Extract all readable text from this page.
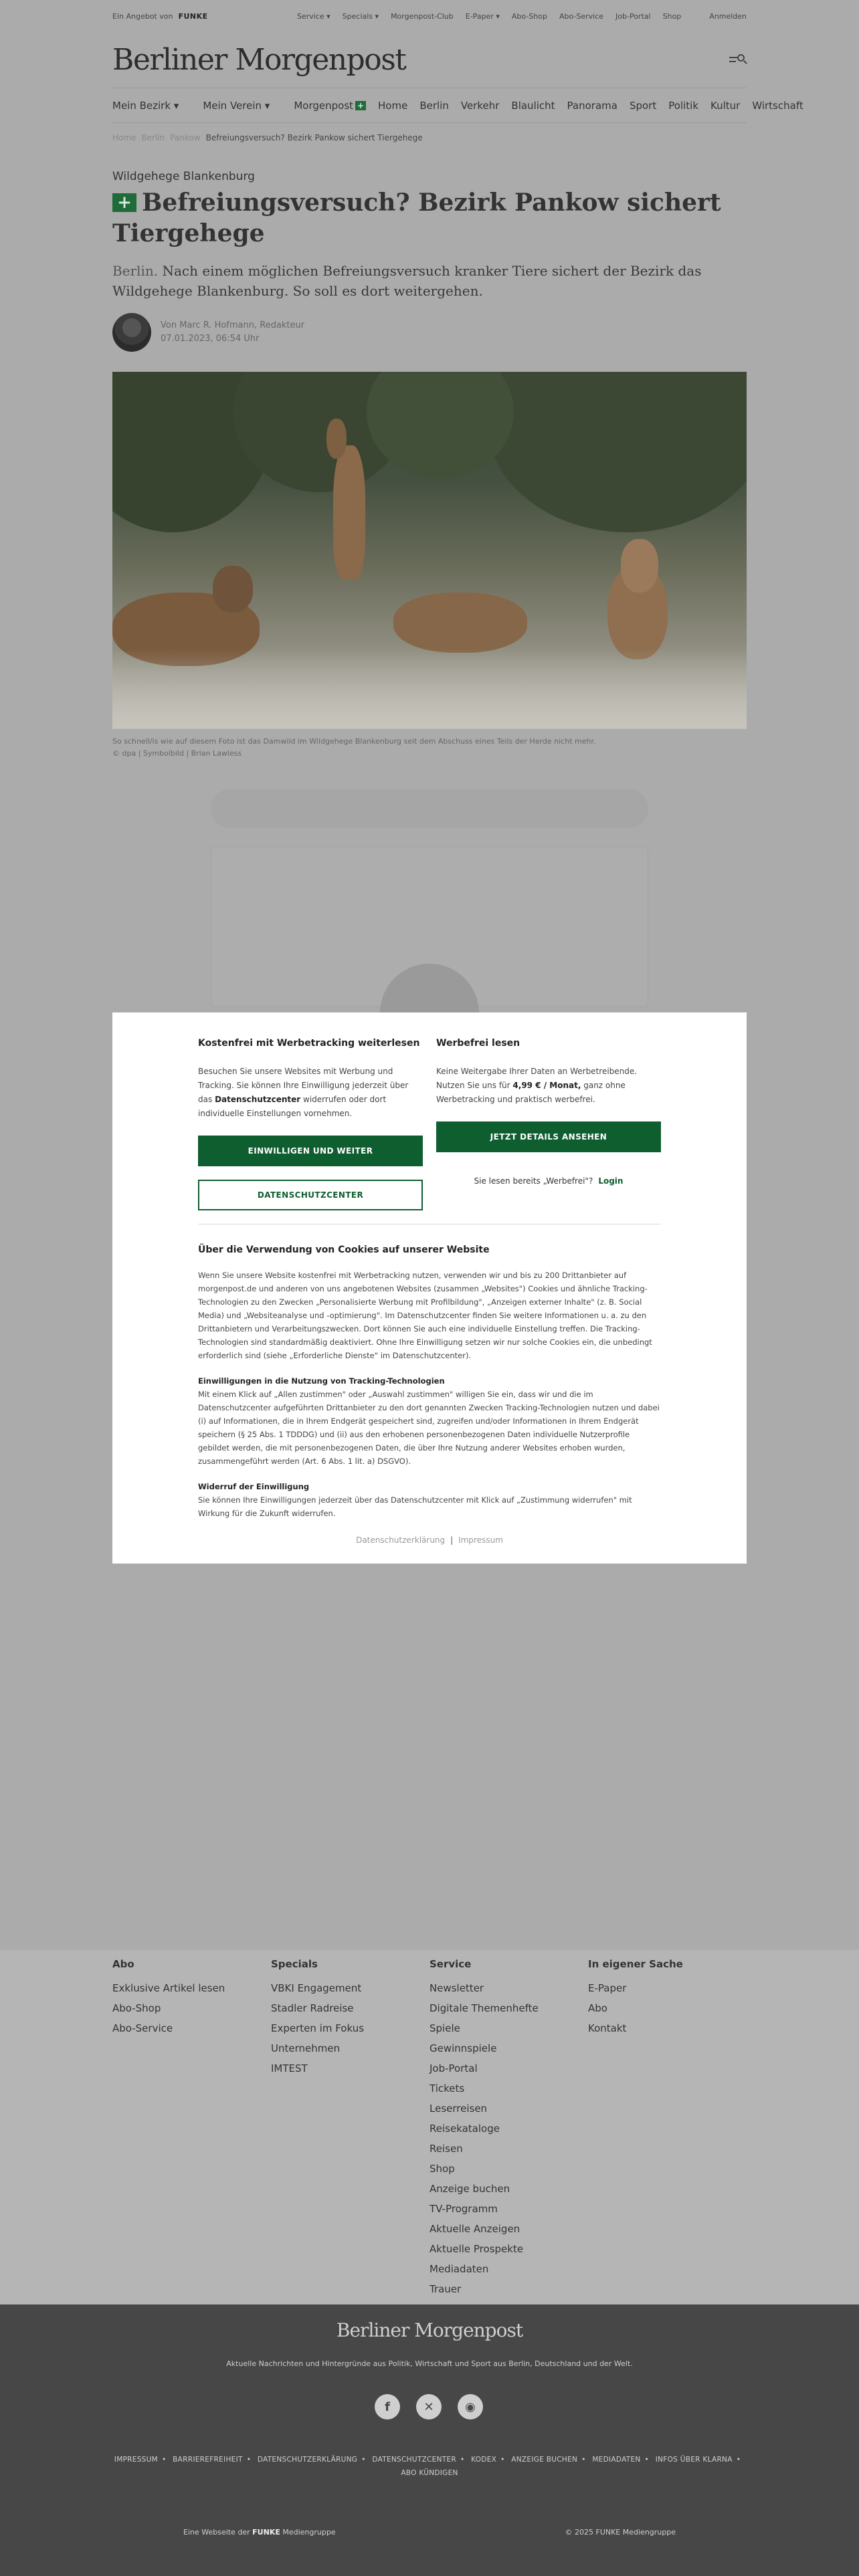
Ein Angebot von FUNKE	Service ▾ Specials ▾ Morgenpost-Club E-Paper ▾ Abo-Shop Abo-Service Job-Portal Shop	Anmelden
Berliner Morgenpost
Mein Bezirk ▾ Mein Verein ▾ Morgenpost + Home Berlin Verkehr Blaulicht Panorama Sport Politik Kultur Wirtschaft Le
Home Berlin Pankow Befreiungsversuch? Bezirk Pankow sichert Tiergehege
Wildgehege Blankenburg
+ Befreiungsversuch? Bezirk Pankow sichert Tiergehege

Berlin. Nach einem möglichen Befreiungsversuch kranker Tiere sichert der Bezirk das Wildgehege Blankenburg. So soll es dort weitergehen.

Von Marc R. Hofmann, Redakteur
07.01.2023, 06:54 Uhr
So schnell/is wie auf diesem Foto ist das Damwild im Wildgehege Blankenburg seit dem Abschuss eines Teils der Herde nicht mehr.
© dpa | Symbolbild | Brian Lawless
Kostenfrei mit Werbetracking weiterlesen

Besuchen Sie unsere Websites mit Werbung und Tracking. Sie können Ihre Einwilligung jederzeit über das Datenschutzcenter widerrufen oder dort individuelle Einstellungen vornehmen.

EINWILLIGEN UND WEITER
DATENSCHUTZCENTER
Werbefrei lesen

Keine Weitergabe Ihrer Daten an Werbetreibende. Nutzen Sie uns für 4,99 € / Monat, ganz ohne Werbetracking und praktisch werbefrei.

JETZT DETAILS ANSEHEN
Sie lesen bereits „Werbefrei"? Login
Über die Verwendung von Cookies auf unserer Website
Wenn Sie unsere Website kostenfrei mit Werbetracking nutzen, verwenden wir und bis zu 200 Drittanbieter auf morgenpost.de und anderen von uns angebotenen Websites (zusammen „Websites") Cookies und ähnliche Tracking-Technologien zu den Zwecken „Personalisierte Werbung mit Profilbildung", „Anzeigen externer Inhalte" (z. B. Social Media) und „Websiteanalyse und -optimierung". Im Datenschutzcenter finden Sie weitere Informationen u. a. zu den Drittanbietern und Verarbeitungszwecken. Dort können Sie auch eine individuelle Einstellung treffen. Die Tracking-Technologien sind standardmäßig deaktiviert. Ohne Ihre Einwilligung setzen wir nur solche Cookies ein, die unbedingt erforderlich sind (siehe „Erforderliche Dienste" im Datenschutzcenter).
Einwilligungen in die Nutzung von Tracking-Technologien
Mit einem Klick auf „Allen zustimmen" oder „Auswahl zustimmen" willigen Sie ein, dass wir und die im Datenschutzcenter aufgeführten Drittanbieter zu den dort genannten Zwecken Tracking-Technologien nutzen und dabei (i) auf Informationen, die in Ihrem Endgerät gespeichert sind, zugreifen und/oder Informationen in Ihrem Endgerät speichern (§ 25 Abs. 1 TDDDG) und (ii) aus den erhobenen personenbezogenen Daten individuelle Nutzerprofile gebildet werden, die mit personenbezogenen Daten, die über Ihre Nutzung anderer Websites erhoben wurden, zusammengeführt werden (Art. 6 Abs. 1 lit. a) DSGVO).
Widerruf der Einwilligung
Sie können Ihre Einwilligungen jederzeit über das Datenschutzcenter mit Klick auf „Zustimmung widerrufen" mit Wirkung für die Zukunft widerrufen.
Datenschutzerklärung | Impressum
Abo
Exklusive Artikel lesen
Abo-Shop
Abo-Service
Specials
VBKI Engagement
Stadler Radreise
Experten im Fokus
Unternehmen
IMTEST
Service
Newsletter
Digitale Themenhefte
Spiele
Gewinnspiele
Job-Portal
Tickets
Leserreisen
Reisekataloge
Reisen
Shop
Anzeige buchen
TV-Programm
Aktuelle Anzeigen
Aktuelle Prospekte
Mediadaten
Trauer
In eigener Sache
E-Paper
Abo
Kontakt
Berliner Morgenpost
Aktuelle Nachrichten und Hintergründe aus Politik, Wirtschaft und Sport aus Berlin, Deutschland und der Welt.
f	✕	◉
IMPRESSUM • BARRIEREFREIHEIT • DATENSCHUTZERKLÄRUNG • DATENSCHUTZCENTER • KODEX • ANZEIGE BUCHEN • MEDIADATEN • INFOS ÜBER KLARNA •
ABO KÜNDIGEN
Eine Webseite der FUNKE Mediengruppe	© 2025 FUNKE Mediengruppe
